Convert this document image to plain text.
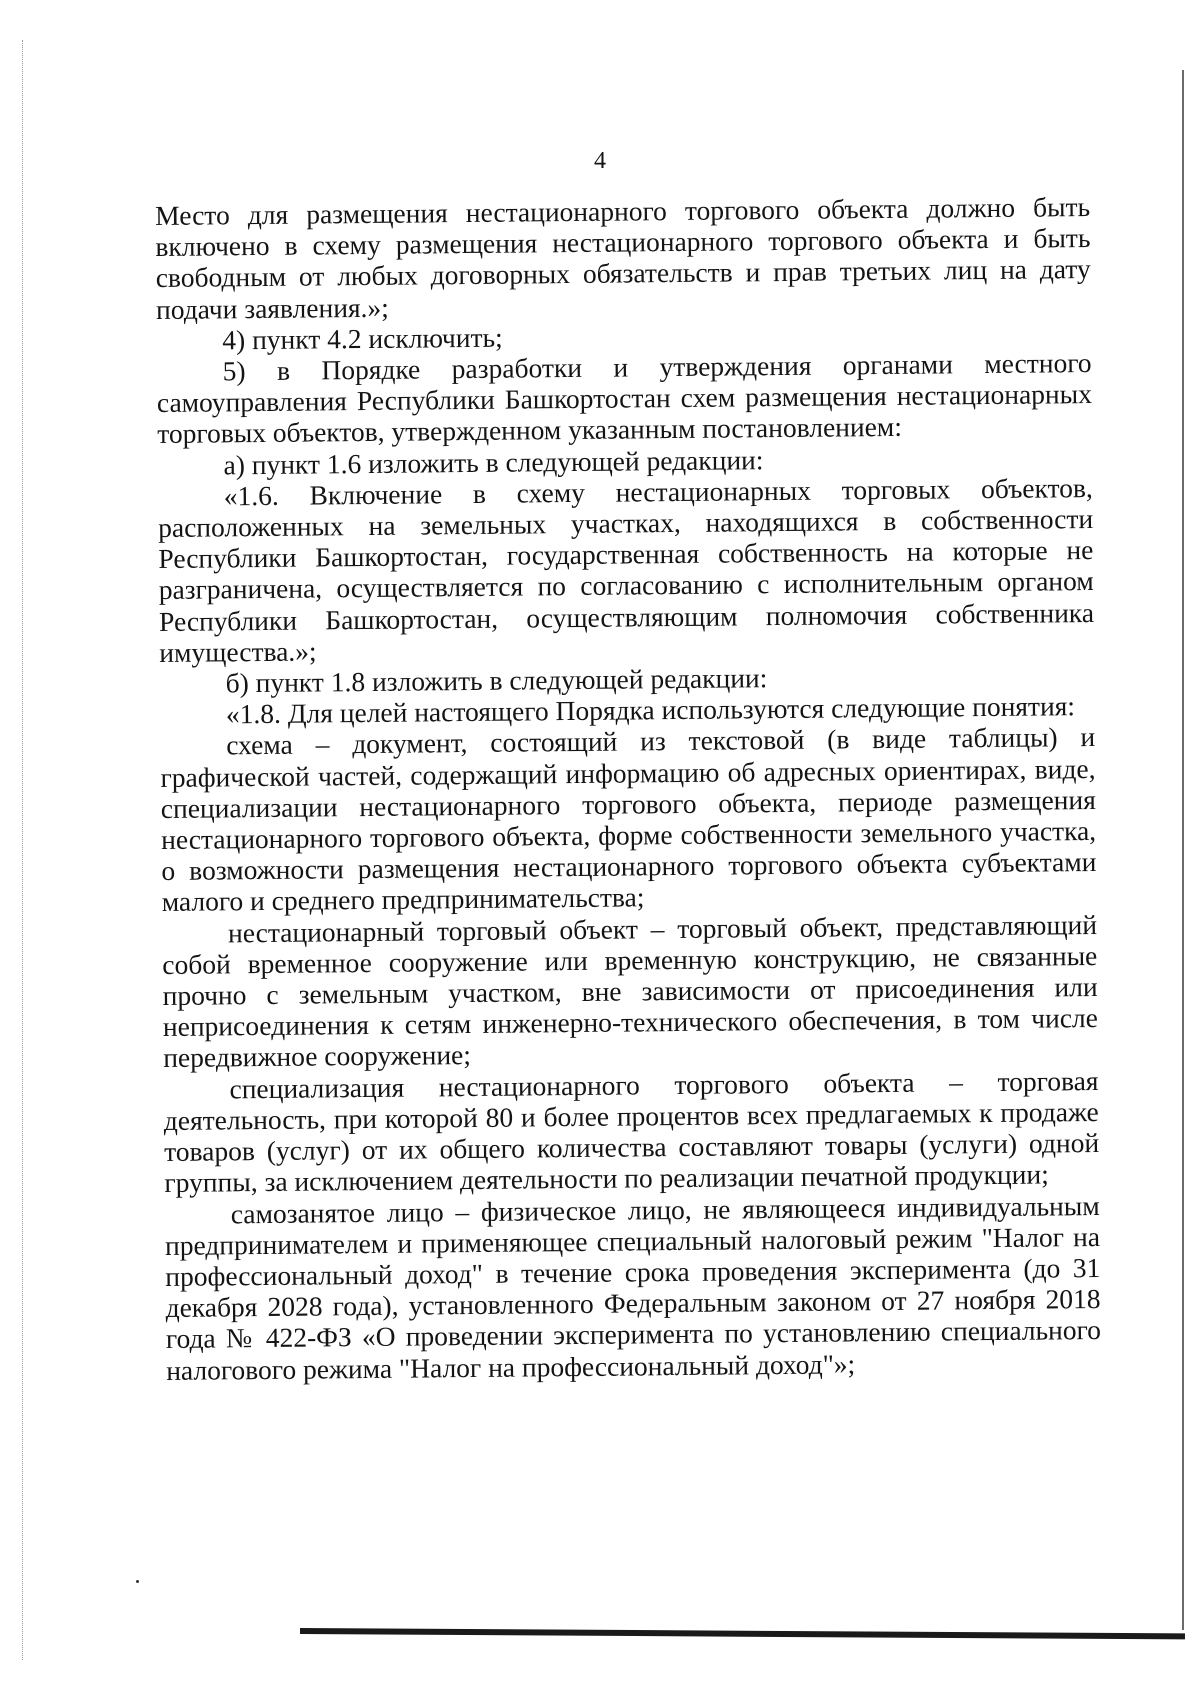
4

Место для размещения нестационарного торгового объекта должно быть включено в схему размещения нестационарного торгового объекта и быть свободным от любых договорных обязательств и прав третьих лиц на дату подачи заявления.»;

4) пункт 4.2 исключить;

5) в Порядке разработки и утверждения органами местного самоуправления Республики Башкортостан схем размещения нестационарных торговых объектов, утвержденном указанным постановлением:

а) пункт 1.6 изложить в следующей редакции:

«1.6. Включение в схему нестационарных торговых объектов, расположенных на земельных участках, находящихся в собственности Республики Башкортостан, государственная собственность на которые не разграничена, осуществляется по согласованию с исполнительным органом Республики Башкортостан, осуществляющим полномочия собственника имущества.»;

б) пункт 1.8 изложить в следующей редакции:

«1.8. Для целей настоящего Порядка используются следующие понятия:

схема – документ, состоящий из текстовой (в виде таблицы) и графической частей, содержащий информацию об адресных ориентирах, виде, специализации нестационарного торгового объекта, периоде размещения нестационарного торгового объекта, форме собственности земельного участка, о возможности размещения нестационарного торгового объекта субъектами малого и среднего предпринимательства;

нестационарный торговый объект – торговый объект, представляющий собой временное сооружение или временную конструкцию, не связанные прочно с земельным участком, вне зависимости от присоединения или неприсоединения к сетям инженерно-технического обеспечения, в том числе передвижное сооружение;

специализация нестационарного торгового объекта – торговая деятельность, при которой 80 и более процентов всех предлагаемых к продаже товаров (услуг) от их общего количества составляют товары (услуги) одной группы, за исключением деятельности по реализации печатной продукции;

самозанятое лицо – физическое лицо, не являющееся индивидуальным предпринимателем и применяющее специальный налоговый режим "Налог на профессиональный доход" в течение срока проведения эксперимента (до 31 декабря 2028 года), установленного Федеральным законом от 27 ноября 2018 года № 422-ФЗ «О проведении эксперимента по установлению специального налогового режима "Налог на профессиональный доход"»;
